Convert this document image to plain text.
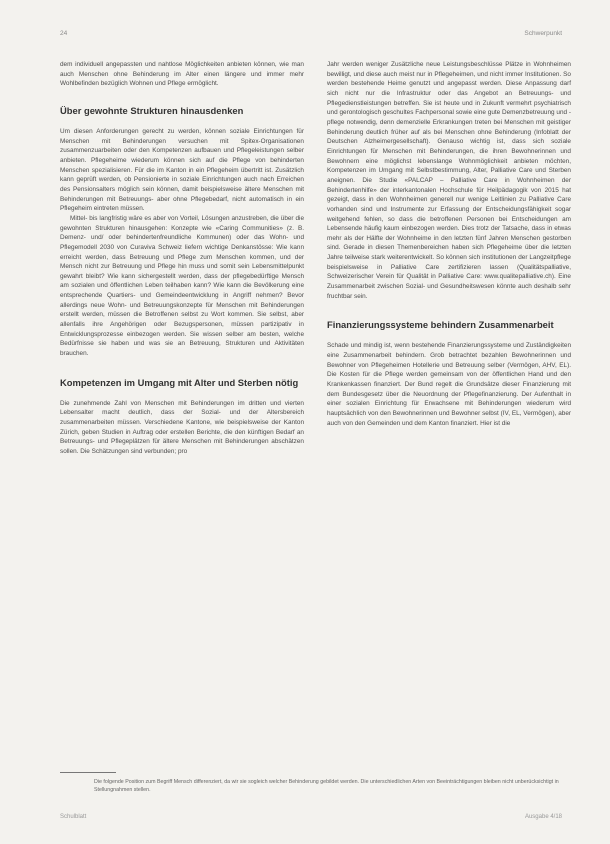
24	Schwerpunkt

dem individuell angepassten und nahtlose Möglichkeiten anbieten können, wie man auch Menschen ohne Behinderung im Alter einen längere und immer mehr Wohlbefinden bezüglich Wohnen und Pflege ermöglicht.

Über gewohnte Strukturen hinausdenken

Um diesen Anforderungen gerecht zu werden, können soziale Einrichtungen für Menschen mit Behinderungen versuchen mit Spitex-Organisationen zusammenzuarbeiten oder den Kompetenzen aufbauen und Pflegeleistungen selber anbieten. Pflegeheime wiederum können sich auf die Pflege von behinderten Menschen spezialisieren. Für die im Kanton in ein Pflegeheim übertritt ist. Zusätzlich kann geprüft werden, ob Pensionierte in soziale Einrichtungen auch nach Erreichen des Pensionsalters möglich sein können, damit beispielsweise ältere Menschen mit Behinderungen mit Betreuungs- aber ohne Pflegebedarf, nicht automatisch in ein Pflegeheim eintreten müssen.

Mittel- bis langfristig wäre es aber von Vorteil, Lösungen anzustreben, die über die gewohnten Strukturen hinausgehen: Konzepte wie «Caring Communities» (z. B. Demenz- und/ oder behindertenfreundliche Kommunen) oder das Wohn- und Pflegemodell 2030 von Curaviva Schweiz liefern wichtige Denkanstösse: Wie kann erreicht werden, dass Betreuung und Pflege zum Menschen kommen, und der Mensch nicht zur Betreuung und Pflege hin muss und somit sein Lebensmittelpunkt gewahrt bleibt? Wie kann sichergestellt werden, dass der pflegebedürftige Mensch am sozialen und öffentlichen Leben teilhaben kann? Wie kann die Bevölkerung eine entsprechende Quartiers- und Gemeindeentwicklung in Angriff nehmen? Bevor allerdings neue Wohn- und Betreuungskonzepte für Menschen mit Behinderungen erstellt werden, müssen die Betroffenen selbst zu Wort kommen. Sie selbst, aber allenfalls ihre Angehörigen oder Bezugspersonen, müssen partizipativ in Entwicklungsprozesse einbezogen werden. Sie wissen selber am besten, welche Bedürfnisse sie haben und was sie an Betreuung, Strukturen und Aktivitäten brauchen.

Kompetenzen im Umgang mit Alter und Sterben nötig

Die zunehmende Zahl von Menschen mit Behinderungen im dritten und vierten Lebensalter macht deutlich, dass der Sozial- und der Altersbereich zusammenarbeiten müssen. Verschiedene Kantone, wie beispielsweise der Kanton Zürich, geben Studien in Auftrag oder erstellen Berichte, die den künftigen Bedarf an Betreuungs- und Pflegeplätzen für ältere Menschen mit Behinderungen abschätzen sollen. Die Schätzungen sind verbunden; pro

Jahr werden weniger Zusätzliche neue Leistungsbeschlüsse Plätze in Wohnheimen bewilligt, und diese auch meist nur in Pflegeheimen, und nicht immer Institutionen. So werden bestehende Heime genutzt und angepasst werden. Diese Anpassung darf sich nicht nur die Infrastruktur oder das Angebot an Betreuungs- und Pflegedienstleistungen betreffen. Sie ist heute und in Zukunft vermehrt psychiatrisch und gerontologisch geschultes Fachpersonal sowie eine gute Demenzbetreuung und -pflege notwendig, denn demenzielle Erkrankungen treten bei Menschen mit geistiger Behinderung deutlich früher auf als bei Menschen ohne Behinderung (Infoblatt der Deutschen Alzheimergesellschaft). Genauso wichtig ist, dass sich soziale Einrichtungen für Menschen mit Behinderungen, die ihren Bewohnerinnen und Bewohnern eine möglichst lebenslange Wohnmöglichkeit anbieten möchten, Kompetenzen im Umgang mit Selbstbestimmung, Alter, Palliative Care und Sterben aneignen. Die Studie «PALCAP – Palliative Care in Wohnheimen der Behindertenhilfe» der interkantonalen Hochschule für Heilpädagogik von 2015 hat gezeigt, dass in den Wohnheimen generell nur wenige Leitlinien zu Palliative Care vorhanden sind und Instrumente zur Erfassung der Entscheidungsfähigkeit sogar weitgehend fehlen, so dass die betroffenen Personen bei Entscheidungen am Lebensende häufig kaum einbezogen werden. Dies trotz der Tatsache, dass in etwas mehr als der Hälfte der Wohnheime in den letzten fünf Jahren Menschen gestorben sind. Gerade in diesen Themenbereichen haben sich Pflegeheime über die letzten Jahre teilweise stark weiterentwickelt. So können sich institutionen der Langzeitpflege beispielsweise in Palliative Care zertifizieren lassen (Qualitätspalliative, Schweizerischer Verein für Qualität in Palliative Care: www.qualitepalliative.ch). Eine Zusammenarbeit zwischen Sozial- und Gesundheitswesen könnte auch deshalb sehr fruchtbar sein.

Finanzierungssysteme behindern Zusammenarbeit

Schade und mindig ist, wenn bestehende Finanzierungssysteme und Zuständigkeiten eine Zusammenarbeit behindern. Grob betrachtet bezahlen Bewohnerinnen und Bewohner von Pflegeheimen Hotellerie und Betreuung selber (Vermögen, AHV, EL). Die Kosten für die Pflege werden gemeinsam von der öffentlichen Hand und den Krankenkassen finanziert. Der Bund regelt die Grundsätze dieser Finanzierung mit dem Bundesgesetz über die Neuordnung der Pflegefinanzierung. Der Aufenthalt in einer sozialen Einrichtung für Erwachsene mit Behinderungen wiederum wird hauptsächlich von den Bewohnerinnen und Bewohner selbst (IV, EL, Vermögen), aber auch von den Gemeinden und dem Kanton finanziert. Hier ist die

Die folgende Position zum Begriff Mensch differenziert, da wir sie sogleich welcher Behinderung gebildet werden. Die unterschiedlichen Arten von Beeinträchtigungen bleiben nicht unberücksichtigt in Stellungnahmen stellen.
Schulblatt	Ausgabe 4/18
